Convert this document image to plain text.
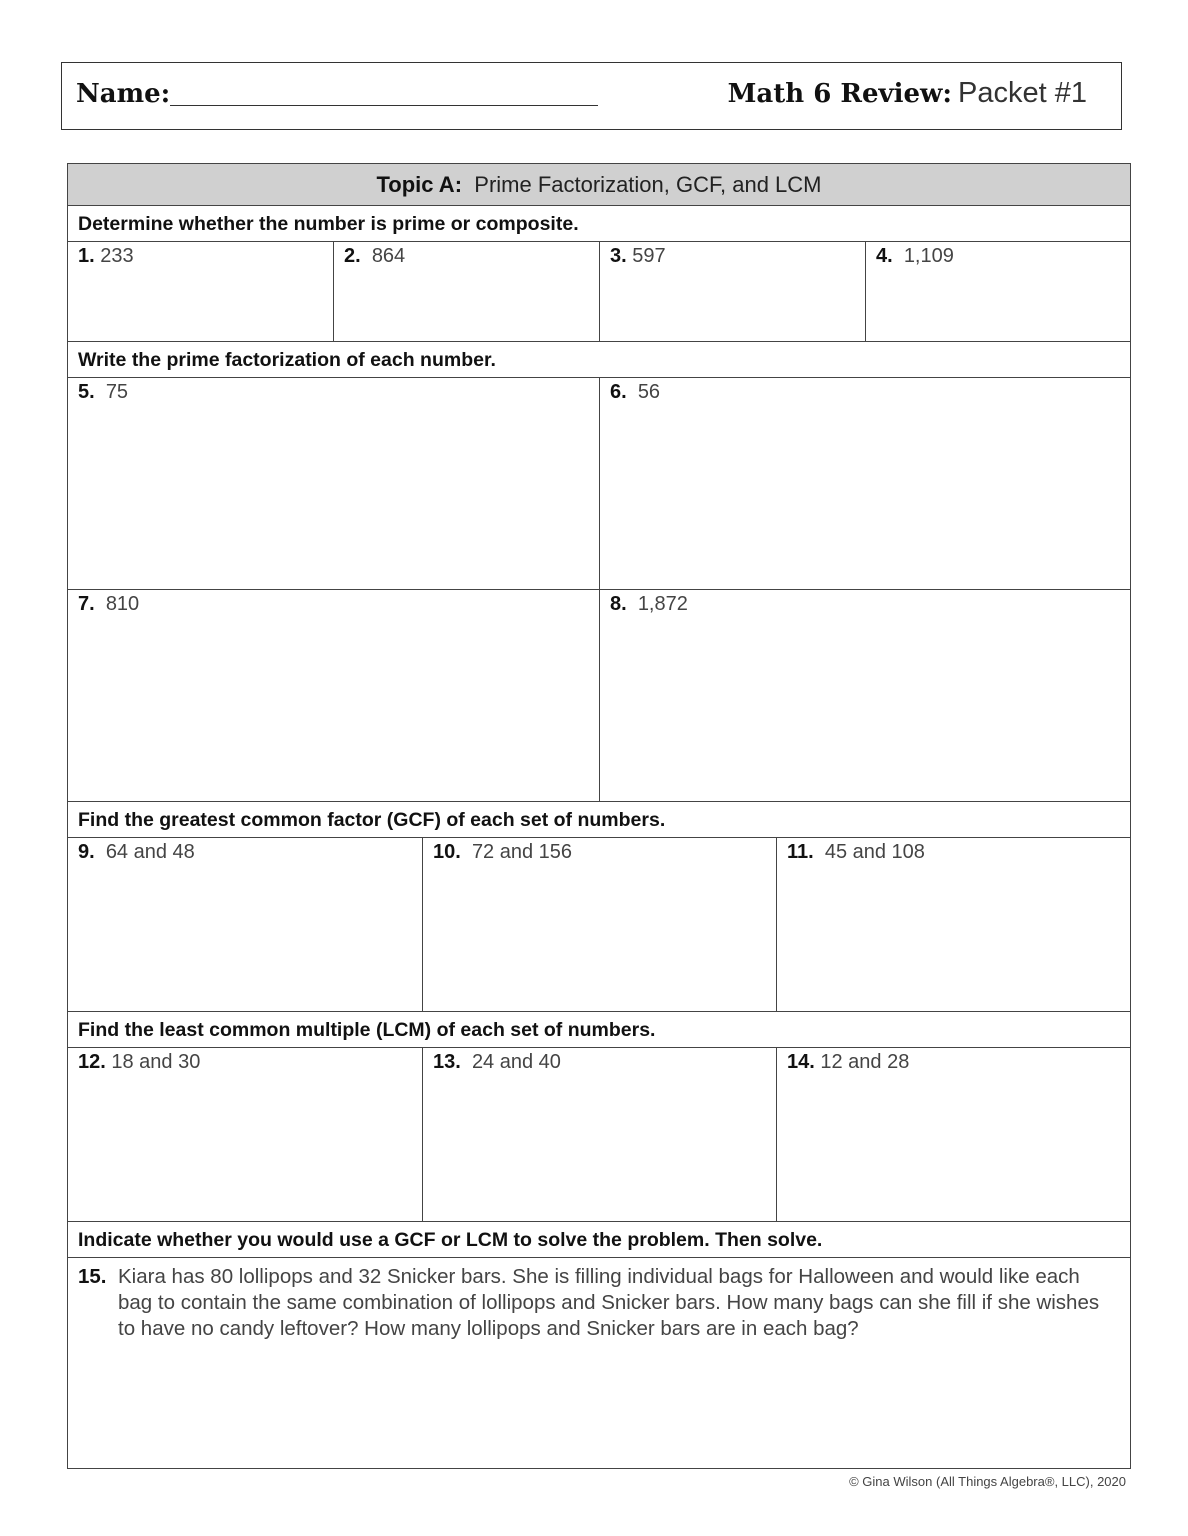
Name:	Math 6 Review: Packet #1
Topic A: Prime Factorization, GCF, and LCM
Determine whether the number is prime or composite.
1. 233	2. 864	3. 597	4. 1,109
Write the prime factorization of each number.
5. 75	6. 56
7. 810	8. 1,872
Find the greatest common factor (GCF) of each set of numbers.
9. 64 and 48	10. 72 and 156	11. 45 and 108
Find the least common multiple (LCM) of each set of numbers.
12. 18 and 30	13. 24 and 40	14. 12 and 28
Indicate whether you would use a GCF or LCM to solve the problem. Then solve.
15. Kiara has 80 lollipops and 32 Snicker bars. She is filling individual bags for Halloween and would like each bag to contain the same combination of lollipops and Snicker bars. How many bags can she fill if she wishes to have no candy leftover? How many lollipops and Snicker bars are in each bag?
© Gina Wilson (All Things Algebra®, LLC), 2020
